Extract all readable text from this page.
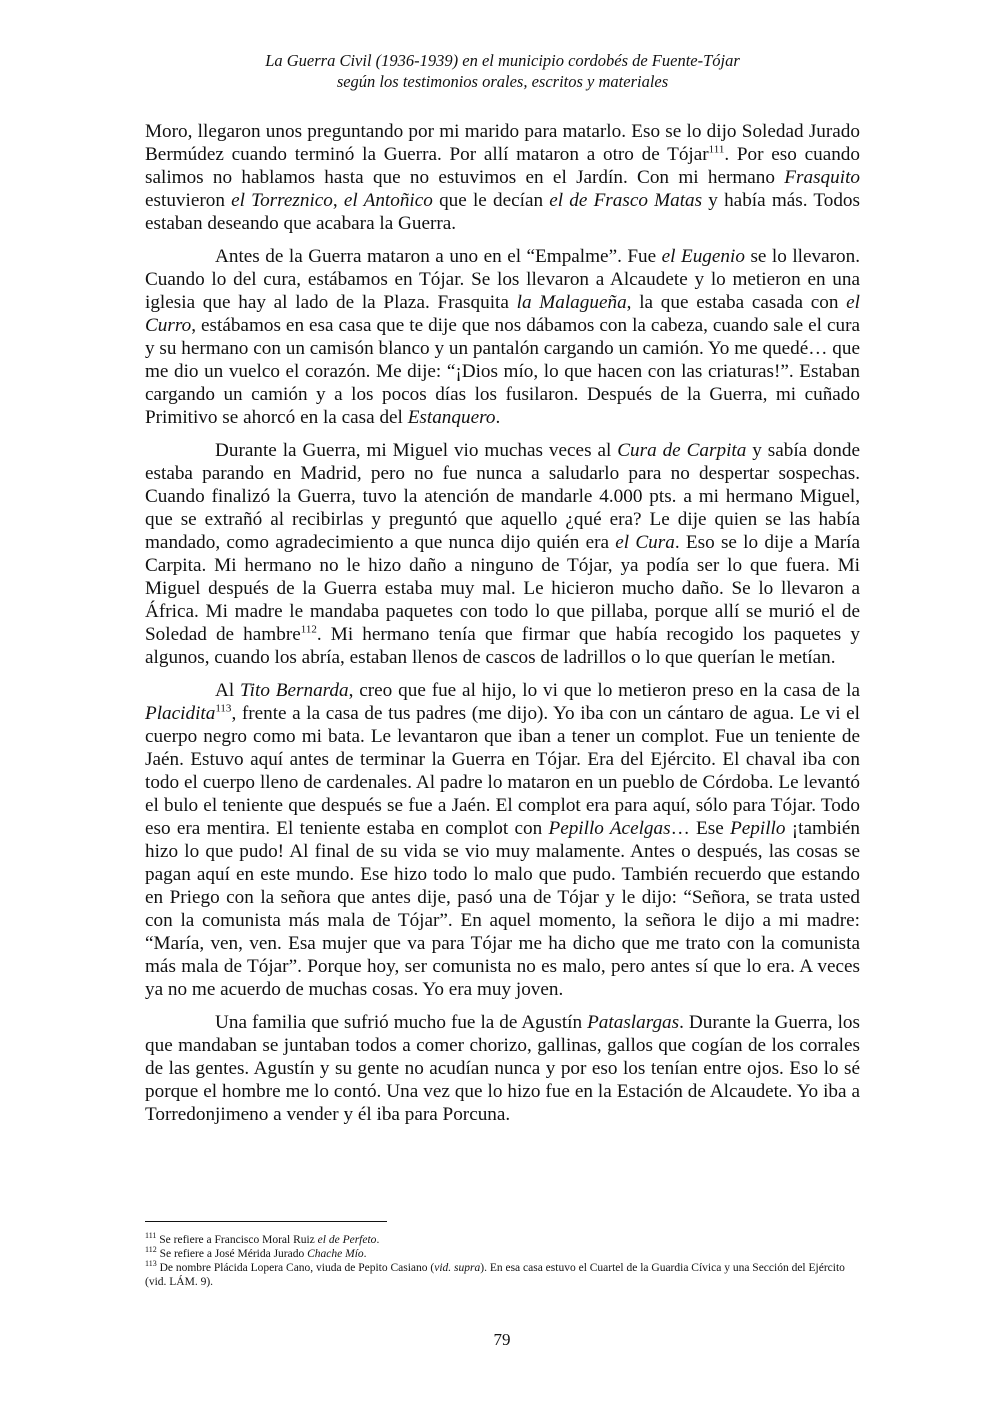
La Guerra Civil (1936-1939) en el municipio cordobés de Fuente-Tójar
según los testimonios orales, escritos y materiales

Moro, llegaron unos preguntando por mi marido para matarlo. Eso se lo dijo Soledad Jurado Bermúdez cuando terminó la Guerra. Por allí mataron a otro de Tójar$^{111}$. Por eso cuando salimos no hablamos hasta que no estuvimos en el Jardín. Con mi hermano Frasquito estuvieron el Torreznico, el Antoñico que le decían el de Frasco Matas y había más. Todos estaban deseando que acabara la Guerra.

Antes de la Guerra mataron a uno en el “Empalme”. Fue el Eugenio se lo llevaron. Cuando lo del cura, estábamos en Tójar. Se los llevaron a Alcaudete y lo metieron en una iglesia que hay al lado de la Plaza. Frasquita la Malagueña, la que estaba casada con el Curro, estábamos en esa casa que te dije que nos dábamos con la cabeza, cuando sale el cura y su hermano con un camisón blanco y un pantalón cargando un camión. Yo me quedé… que me dio un vuelco el corazón. Me dije: “¡Dios mío, lo que hacen con las criaturas!”. Estaban cargando un camión y a los pocos días los fusilaron. Después de la Guerra, mi cuñado Primitivo se ahorcó en la casa del Estanquero.

Durante la Guerra, mi Miguel vio muchas veces al Cura de Carpita y sabía donde estaba parando en Madrid, pero no fue nunca a saludarlo para no despertar sospechas. Cuando finalizó la Guerra, tuvo la atención de mandarle 4.000 pts. a mi hermano Miguel, que se extrañó al recibirlas y preguntó que aquello ¿qué era? Le dije quien se las había mandado, como agradecimiento a que nunca dijo quién era el Cura. Eso se lo dije a María Carpita. Mi hermano no le hizo daño a ninguno de Tójar, ya podía ser lo que fuera. Mi Miguel después de la Guerra estaba muy mal. Le hicieron mucho daño. Se lo llevaron a África. Mi madre le mandaba paquetes con todo lo que pillaba, porque allí se murió el de Soledad de hambre$^{112}$. Mi hermano tenía que firmar que había recogido los paquetes y algunos, cuando los abría, estaban llenos de cascos de ladrillos o lo que querían le metían.

Al Tito Bernarda, creo que fue al hijo, lo vi que lo metieron preso en la casa de la Placidita$^{113}$, frente a la casa de tus padres (me dijo). Yo iba con un cántaro de agua. Le vi el cuerpo negro como mi bata. Le levantaron que iban a tener un complot. Fue un teniente de Jaén. Estuvo aquí antes de terminar la Guerra en Tójar. Era del Ejército. El chaval iba con todo el cuerpo lleno de cardenales. Al padre lo mataron en un pueblo de Córdoba. Le levantó el bulo el teniente que después se fue a Jaén. El complot era para aquí, sólo para Tójar. Todo eso era mentira. El teniente estaba en complot con Pepillo Acelgas… Ese Pepillo ¡también hizo lo que pudo! Al final de su vida se vio muy malamente. Antes o después, las cosas se pagan aquí en este mundo. Ese hizo todo lo malo que pudo. También recuerdo que estando en Priego con la señora que antes dije, pasó una de Tójar y le dijo: “Señora, se trata usted con la comunista más mala de Tójar”. En aquel momento, la señora le dijo a mi madre: “María, ven, ven. Esa mujer que va para Tójar me ha dicho que me trato con la comunista más mala de Tójar”. Porque hoy, ser comunista no es malo, pero antes sí que lo era. A veces ya no me acuerdo de muchas cosas. Yo era muy joven.

Una familia que sufrió mucho fue la de Agustín Pataslargas. Durante la Guerra, los que mandaban se juntaban todos a comer chorizo, gallinas, gallos que cogían de los corrales de las gentes. Agustín y su gente no acudían nunca y por eso los tenían entre ojos. Eso lo sé porque el hombre me lo contó. Una vez que lo hizo fue en la Estación de Alcaudete. Yo iba a Torredonjimeno a vender y él iba para Porcuna.

$^{111}$ Se refiere a Francisco Moral Ruiz el de Perfeto.
$^{112}$ Se refiere a José Mérida Jurado Chache Mío.
$^{113}$ De nombre Plácida Lopera Cano, viuda de Pepito Casiano (vid. supra). En esa casa estuvo el Cuartel de la Guardia Cívica y una Sección del Ejército (vid. LÁM. 9).
79
